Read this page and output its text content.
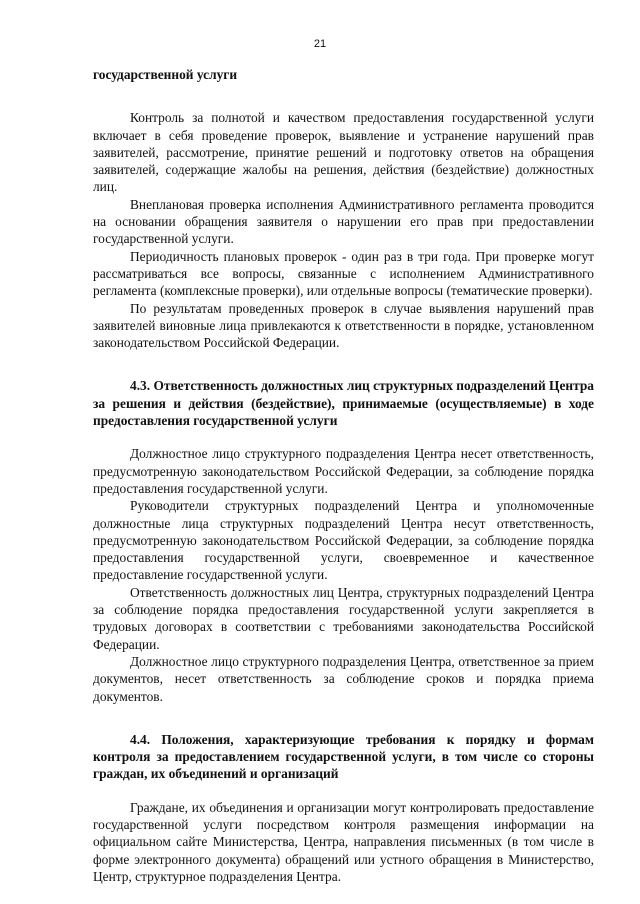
21

государственной услуги

Контроль за полнотой и качеством предоставления государственной услуги включает в себя проведение проверок, выявление и устранение нарушений прав заявителей, рассмотрение, принятие решений и подготовку ответов на обращения заявителей, содержащие жалобы на решения, действия (бездействие) должностных лиц.

Внеплановая проверка исполнения Административного регламента проводится на основании обращения заявителя о нарушении его прав при предоставлении государственной услуги.

Периодичность плановых проверок - один раз в три года. При проверке могут рассматриваться все вопросы, связанные с исполнением Административного регламента (комплексные проверки), или отдельные вопросы (тематические проверки).

По результатам проведенных проверок в случае выявления нарушений прав заявителей виновные лица привлекаются к ответственности в порядке, установленном законодательством Российской Федерации.

4.3. Ответственность должностных лиц структурных подразделений Центра за решения и действия (бездействие), принимаемые (осуществляемые) в ходе предоставления государственной услуги

Должностное лицо структурного подразделения Центра несет ответственность, предусмотренную законодательством Российской Федерации, за соблюдение порядка предоставления государственной услуги.

Руководители структурных подразделений Центра и уполномоченные должностные лица структурных подразделений Центра несут ответственность, предусмотренную законодательством Российской Федерации, за соблюдение порядка предоставления государственной услуги, своевременное и качественное предоставление государственной услуги.

Ответственность должностных лиц Центра, структурных подразделений Центра за соблюдение порядка предоставления государственной услуги закрепляется в трудовых договорах в соответствии с требованиями законодательства Российской Федерации.

Должностное лицо структурного подразделения Центра, ответственное за прием документов, несет ответственность за соблюдение сроков и порядка приема документов.

4.4. Положения, характеризующие требования к порядку и формам контроля за предоставлением государственной услуги, в том числе со стороны граждан, их объединений и организаций

Граждане, их объединения и организации могут контролировать предоставление государственной услуги посредством контроля размещения информации на официальном сайте Министерства, Центра, направления письменных (в том числе в форме электронного документа) обращений или устного обращения в Министерство, Центр, структурное подразделения Центра.
